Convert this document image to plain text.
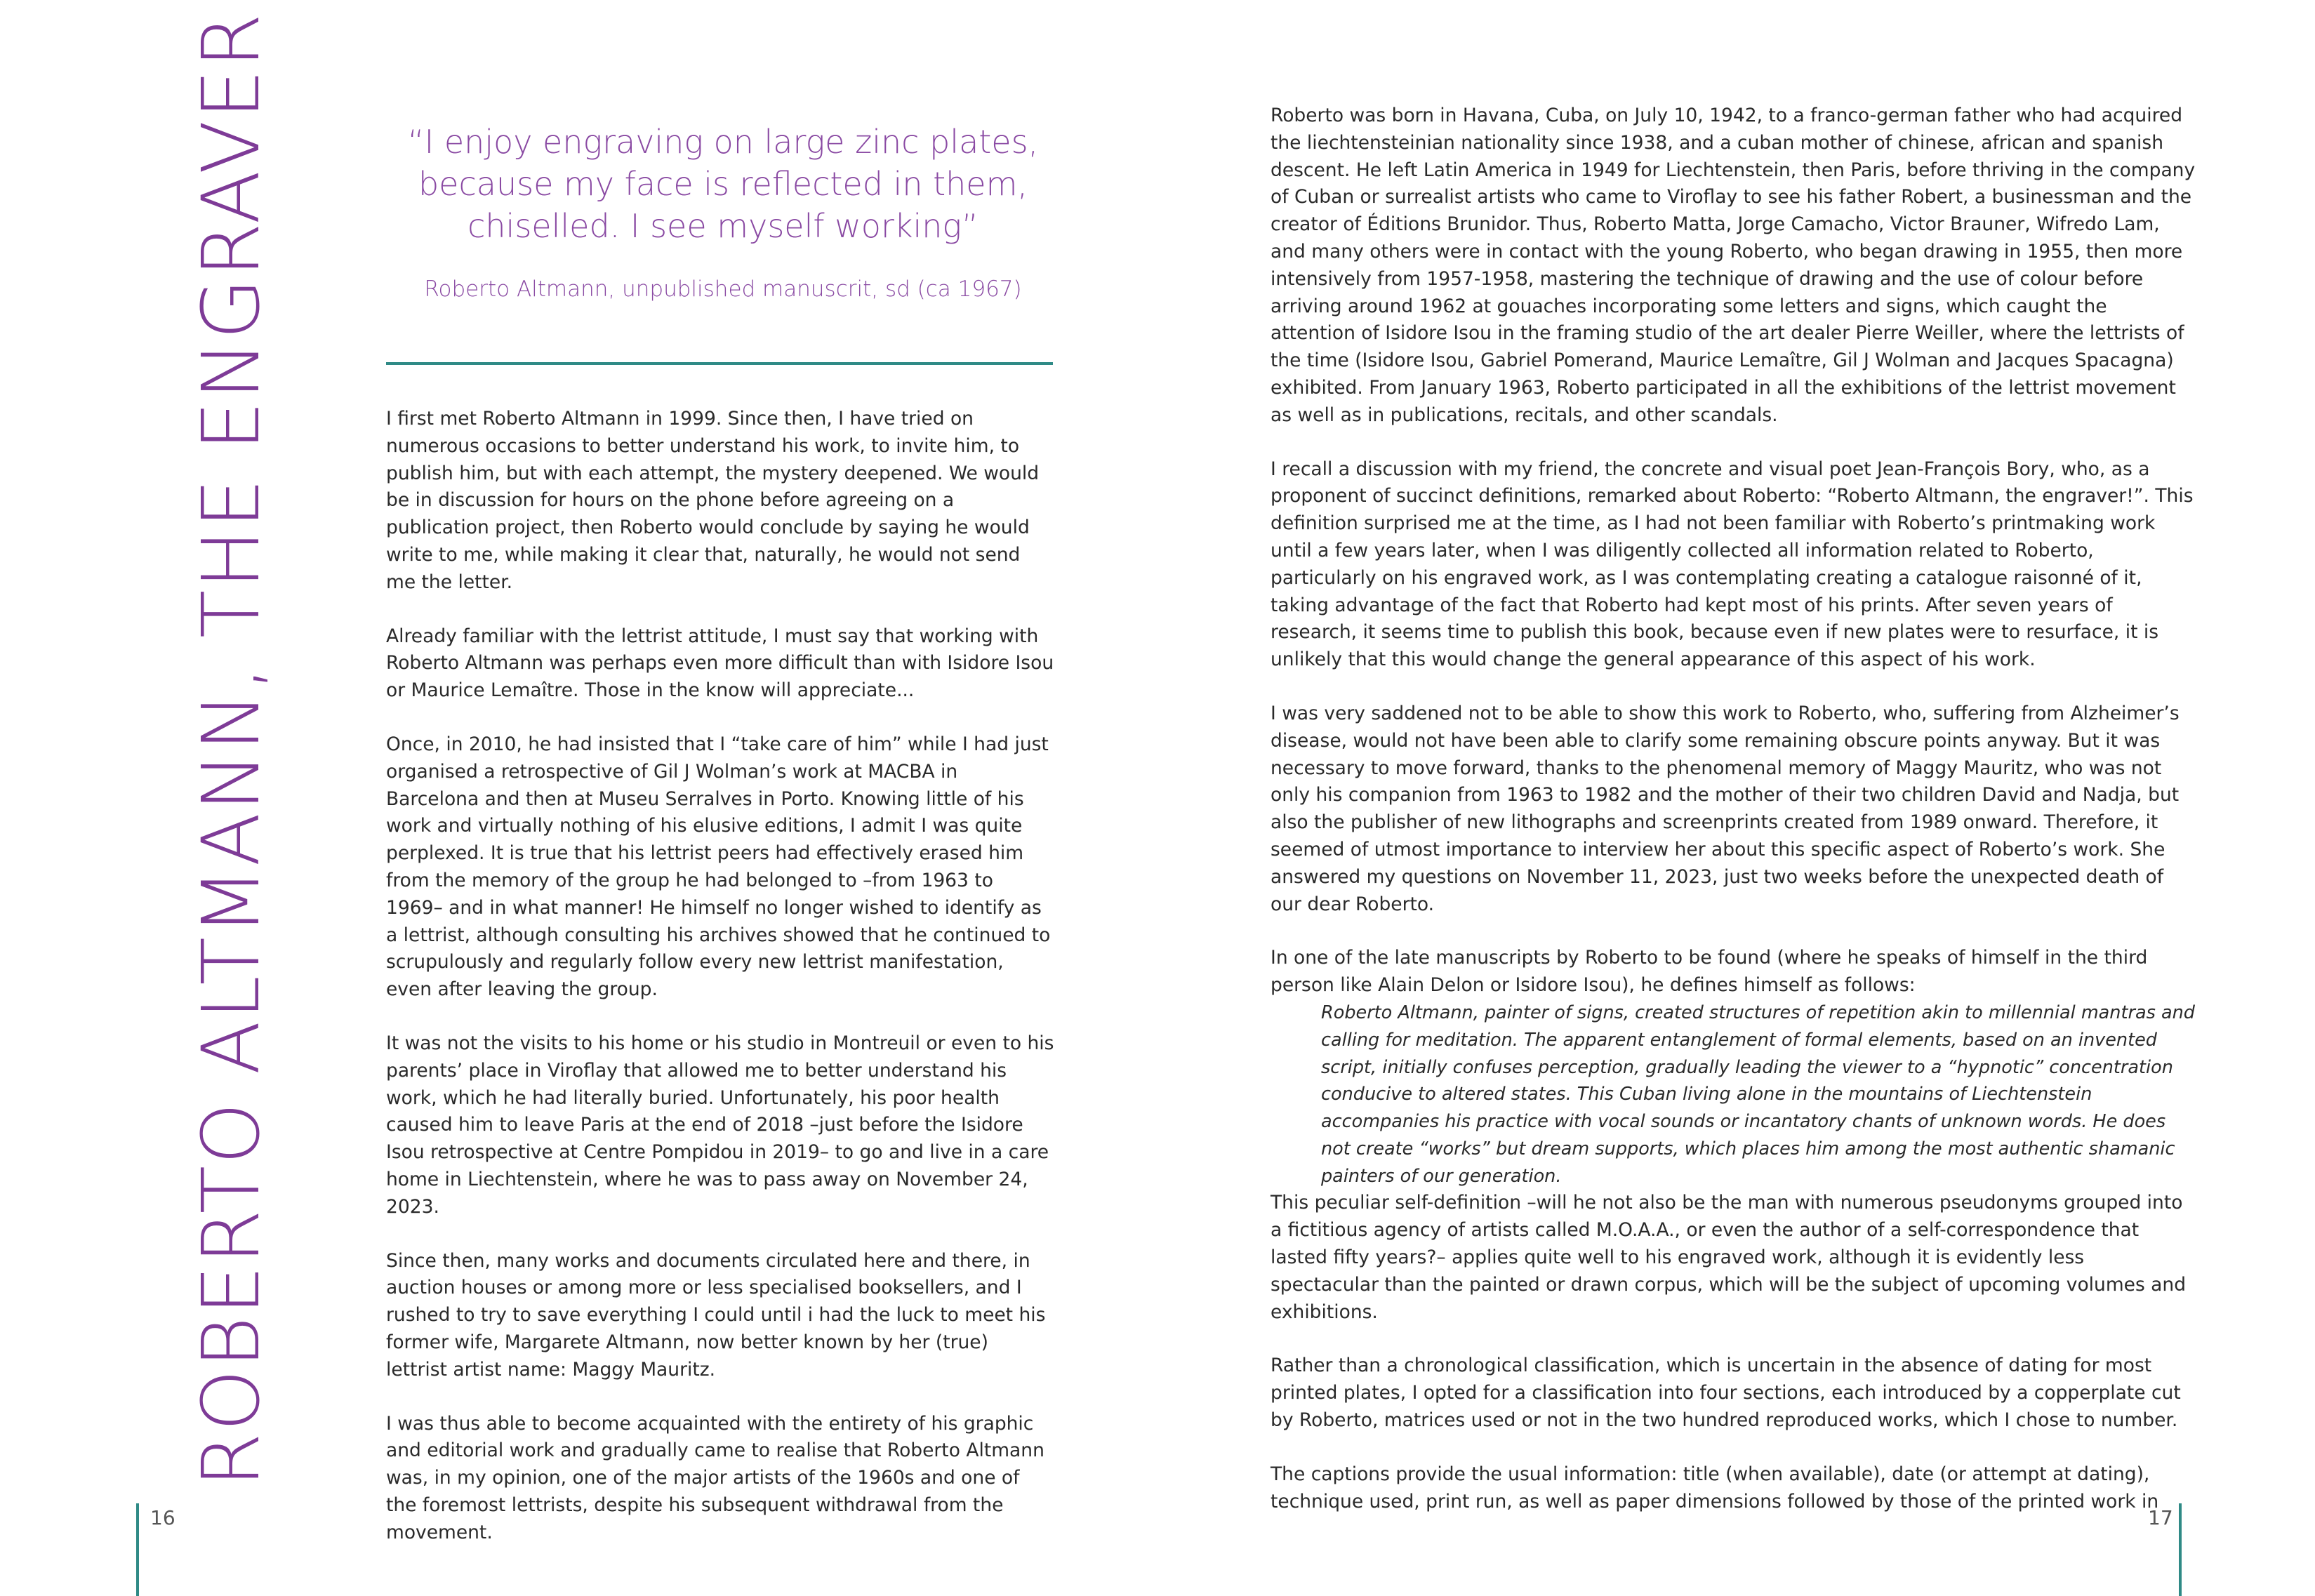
ROBERTO ALTMANN, THE ENGRAVER	“I enjoy engraving on large zinc plates, because my face is reflected in them, chiselled. I see myself working”
Roberto Altmann, unpublished manuscrit, sd (ca 1967)

I first met Roberto Altmann in 1999. Since then, I have tried on numerous occasions to better understand his work, to invite him, to publish him, but with each attempt, the mystery deepened. We would be in discussion for hours on the phone before agreeing on a publication project, then Roberto would conclude by saying he would write to me, while making it clear that, naturally, he would not send me the letter.

Already familiar with the lettrist attitude, I must say that working with Roberto Altmann was perhaps even more difficult than with Isidore Isou or Maurice Lemaître. Those in the know will appreciate...

Once, in 2010, he had insisted that I “take care of him” while I had just organised a retrospective of Gil J Wolman’s work at MACBA in Barcelona and then at Museu Serralves in Porto. Knowing little of his work and virtually nothing of his elusive editions, I admit I was quite perplexed. It is true that his lettrist peers had effectively erased him from the memory of the group he had belonged to –from 1963 to 1969– and in what manner! He himself no longer wished to identify as a lettrist, although consulting his archives showed that he continued to scrupulously and regularly follow every new lettrist manifestation, even after leaving the group.

It was not the visits to his home or his studio in Montreuil or even to his parents’ place in Viroflay that allowed me to better understand his work, which he had literally buried. Unfortunately, his poor health caused him to leave Paris at the end of 2018 –just before the Isidore Isou retrospective at Centre Pompidou in 2019– to go and live in a care home in Liechtenstein, where he was to pass away on November 24, 2023.

Since then, many works and documents circulated here and there, in auction houses or among more or less specialised booksellers, and I rushed to try to save everything I could until i had the luck to meet his former wife, Margarete Altmann, now better known by her (true) lettrist artist name: Maggy Mauritz.

I was thus able to become acquainted with the entirety of his graphic and editorial work and gradually came to realise that Roberto Altmann was, in my opinion, one of the major artists of the 1960s and one of the foremost lettrists, despite his subsequent withdrawal from the movement.

Roberto was born in Havana, Cuba, on July 10, 1942, to a franco-german father who had acquired the liechtensteinian nationality since 1938, and a cuban mother of chinese, african and spanish descent. He left Latin America in 1949 for Liechtenstein, then Paris, before thriving in the company of Cuban or surrealist artists who came to Viroflay to see his father Robert, a businessman and the creator of Éditions Brunidor. Thus, Roberto Matta, Jorge Camacho, Victor Brauner, Wifredo Lam, and many others were in contact with the young Roberto, who began drawing in 1955, then more intensively from 1957-1958, mastering the technique of drawing and the use of colour before arriving around 1962 at gouaches incorporating some letters and signs, which caught the attention of Isidore Isou in the framing studio of the art dealer Pierre Weiller, where the lettrists of the time (Isidore Isou, Gabriel Pomerand, Maurice Lemaître, Gil J Wolman and Jacques Spacagna) exhibited. From January 1963, Roberto participated in all the exhibitions of the lettrist movement as well as in publications, recitals, and other scandals.

I recall a discussion with my friend, the concrete and visual poet Jean-François Bory, who, as a proponent of succinct definitions, remarked about Roberto: “Roberto Altmann, the engraver!”. This definition surprised me at the time, as I had not been familiar with Roberto’s printmaking work until a few years later, when I was diligently collected all information related to Roberto, particularly on his engraved work, as I was contemplating creating a catalogue raisonné of it, taking advantage of the fact that Roberto had kept most of his prints. After seven years of research, it seems time to publish this book, because even if new plates were to resurface, it is unlikely that this would change the general appearance of this aspect of his work.

I was very saddened not to be able to show this work to Roberto, who, suffering from Alzheimer’s disease, would not have been able to clarify some remaining obscure points anyway. But it was necessary to move forward, thanks to the phenomenal memory of Maggy Mauritz, who was not only his companion from 1963 to 1982 and the mother of their two children David and Nadja, but also the publisher of new lithographs and screenprints created from 1989 onward. Therefore, it seemed of utmost importance to interview her about this specific aspect of Roberto’s work. She answered my questions on November 11, 2023, just two weeks before the unexpected death of our dear Roberto.

In one of the late manuscripts by Roberto to be found (where he speaks of himself in the third person like Alain Delon or Isidore Isou), he defines himself as follows:

Roberto Altmann, painter of signs, created structures of repetition akin to millennial mantras and calling for meditation. The apparent entanglement of formal elements, based on an invented script, initially confuses perception, gradually leading the viewer to a “hypnotic” concentration conducive to altered states. This Cuban living alone in the mountains of Liechtenstein accompanies his practice with vocal sounds or incantatory chants of unknown words. He does not create “works” but dream supports, which places him among the most authentic shamanic painters of our generation.

This peculiar self-definition –will he not also be the man with numerous pseudonyms grouped into a fictitious agency of artists called M.O.A.A., or even the author of a self-correspondence that lasted fifty years?– applies quite well to his engraved work, although it is evidently less spectacular than the painted or drawn corpus, which will be the subject of upcoming volumes and exhibitions.

Rather than a chronological classification, which is uncertain in the absence of dating for most printed plates, I opted for a classification into four sections, each introduced by a copperplate cut by Roberto, matrices used or not in the two hundred reproduced works, which I chose to number.

The captions provide the usual information: title (when available), date (or attempt at dating), technique used, print run, as well as paper dimensions followed by those of the printed work in

16	17
